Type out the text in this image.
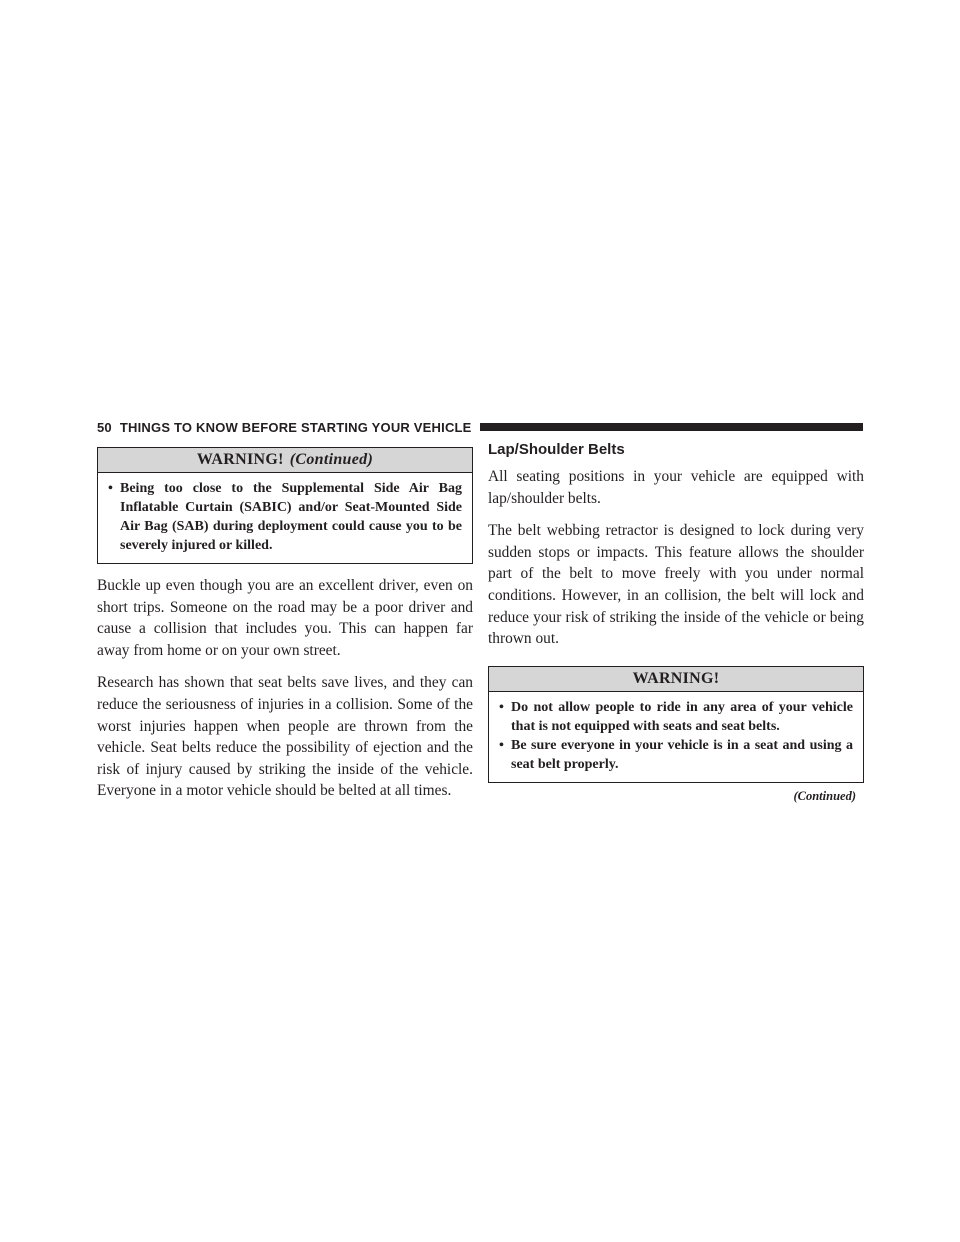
50 THINGS TO KNOW BEFORE STARTING YOUR VEHICLE
WARNING! (Continued)
• Being too close to the Supplemental Side Air Bag Inflatable Curtain (SABIC) and/or Seat-Mounted Side Air Bag (SAB) during deployment could cause you to be severely injured or killed.

Buckle up even though you are an excellent driver, even on short trips. Someone on the road may be a poor driver and cause a collision that includes you. This can happen far away from home or on your own street.

Research has shown that seat belts save lives, and they can reduce the seriousness of injuries in a collision. Some of the worst injuries happen when people are thrown from the vehicle. Seat belts reduce the possibility of ejection and the risk of injury caused by striking the inside of the vehicle. Everyone in a motor vehicle should be belted at all times.

Lap/Shoulder Belts

All seating positions in your vehicle are equipped with lap/shoulder belts.

The belt webbing retractor is designed to lock during very sudden stops or impacts. This feature allows the shoulder part of the belt to move freely with you under normal conditions. However, in an collision, the belt will lock and reduce your risk of striking the inside of the vehicle or being thrown out.

WARNING!
• Do not allow people to ride in any area of your vehicle that is not equipped with seats and seat belts.
• Be sure everyone in your vehicle is in a seat and using a seat belt properly.
(Continued)
